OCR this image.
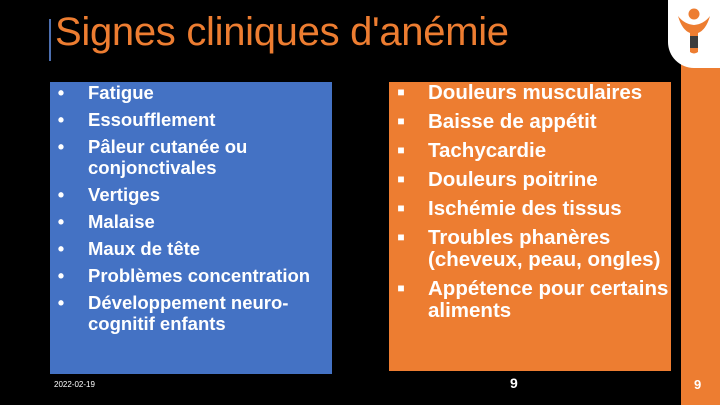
Signes cliniques d'anémie
• Fatigue
• Essoufflement
• Pâleur cutanée ou conjonctivales
• Vertiges
• Malaise
• Maux de tête
• Problèmes concentration
• Développement neuro-cognitif enfants
■ Douleurs musculaires
■ Baisse de appétit
■ Tachycardie
■ Douleurs poitrine
■ Ischémie des tissus
■ Troubles phanères (cheveux, peau, ongles)
■ Appétence pour certains aliments
2022-02-19	9	9
